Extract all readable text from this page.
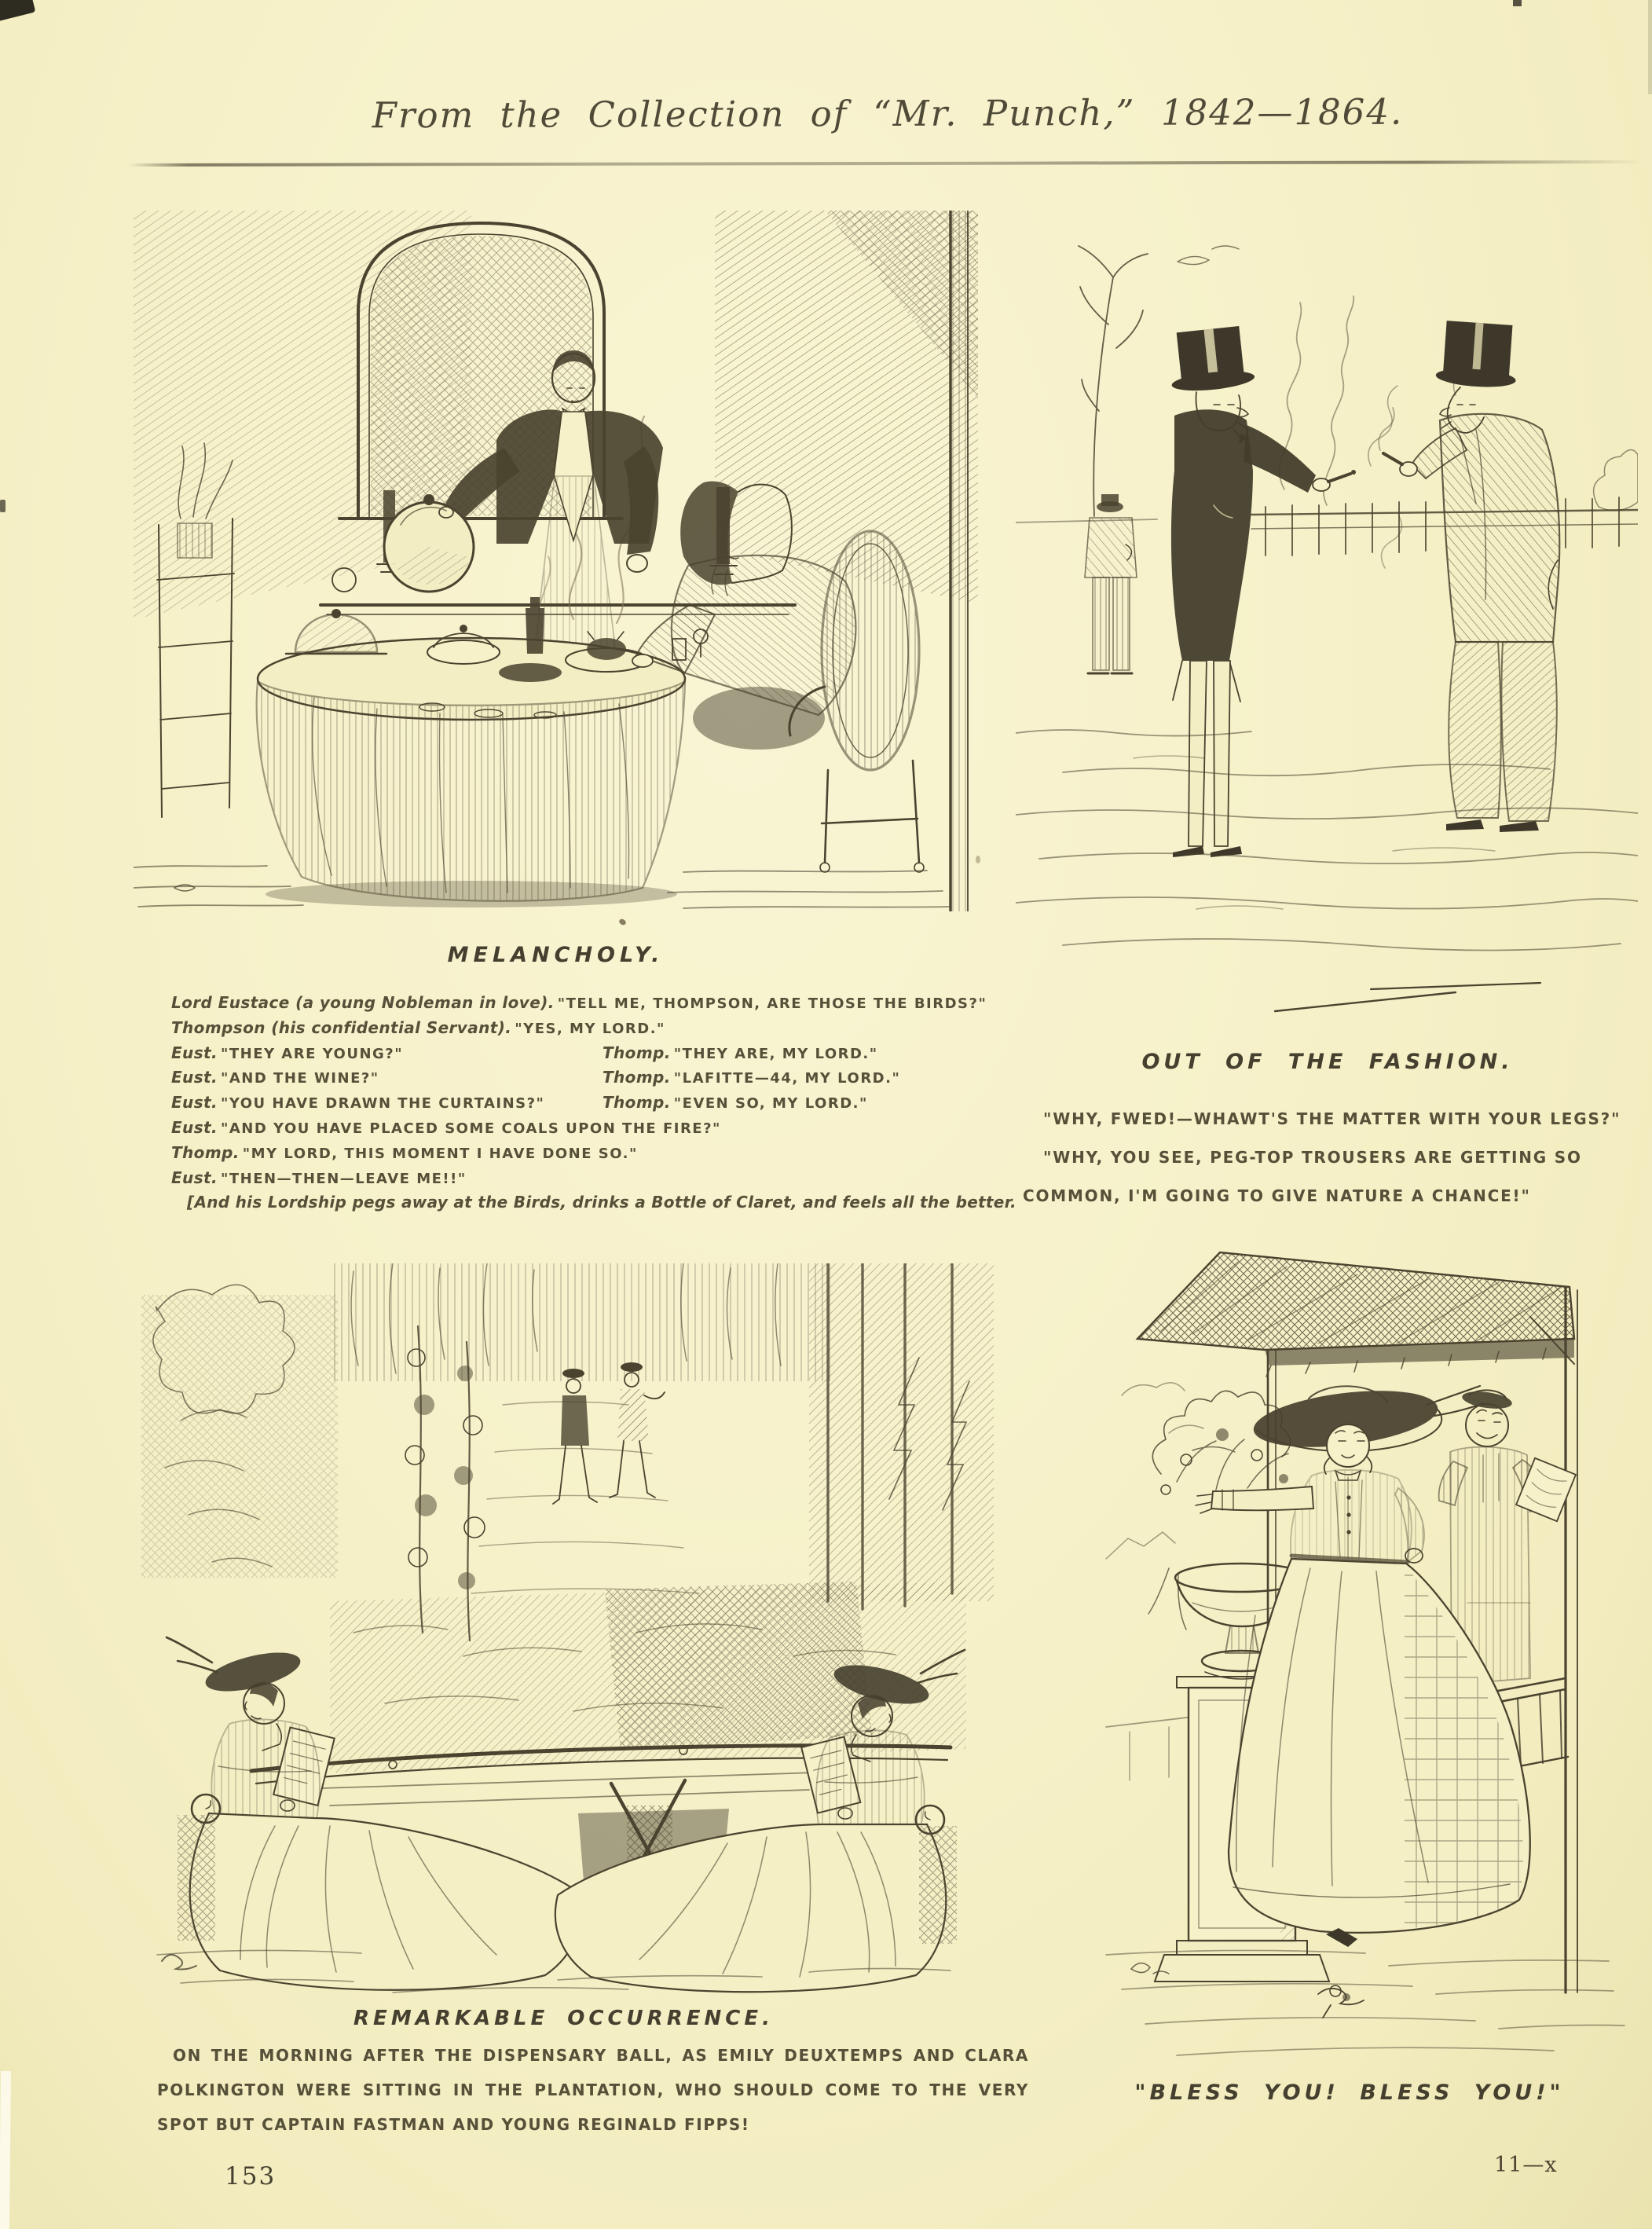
From the Collection of “Mr. Punch,” 1842—1864.
MELANCHOLY.
Lord Eustace (a young Nobleman in love). "TELL ME, THOMPSON, ARE THOSE THE BIRDS?"
Thompson (his confidential Servant). "YES, MY LORD."
Eust. "THEY ARE YOUNG?"	Thomp. "THEY ARE, MY LORD."
Eust. "AND THE WINE?"	Thomp. "LAFITTE—44, MY LORD."
Eust. "YOU HAVE DRAWN THE CURTAINS?"	Thomp. "EVEN SO, MY LORD."
Eust. "AND YOU HAVE PLACED SOME COALS UPON THE FIRE?"
Thomp. "MY LORD, THIS MOMENT I HAVE DONE SO."
Eust. "THEN—THEN—LEAVE ME!!"
[And his Lordship pegs away at the Birds, drinks a Bottle of Claret, and feels all the better.
OUT OF THE FASHION.

"WHY, FWED!—WHAWT'S THE MATTER WITH YOUR LEGS?"

"WHY, YOU SEE, PEG-TOP TROUSERS ARE GETTING SO COMMON, I'M GOING TO GIVE NATURE A CHANCE!"

REMARKABLE OCCURRENCE.
ON THE MORNING AFTER THE DISPENSARY BALL, AS EMILY DEUXTEMPS AND CLARA POLKINGTON WERE SITTING IN THE PLANTATION, WHO SHOULD COME TO THE VERY SPOT BUT CAPTAIN FASTMAN AND YOUNG REGINALD FIPPS!
"BLESS YOU! BLESS YOU!"
153	11—x
